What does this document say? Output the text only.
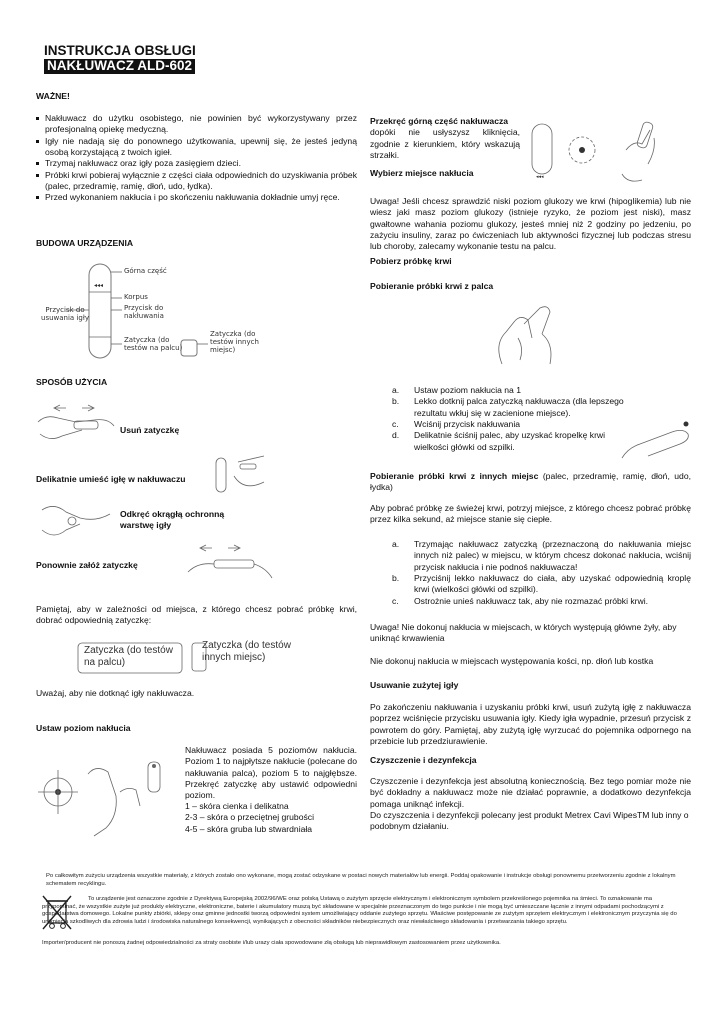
INSTRUKCJA OBSŁUGI
NAKŁUWACZ ALD-602
WAŻNE!
Nakłuwacz do użytku osobistego, nie powinien być wykorzystywany przez profesjonalną opiekę medyczną.
Igły nie nadają się do ponownego użytkowania, upewnij się, że jesteś jedyną osobą korzystającą z twoich igieł.
Trzymaj nakłuwacz oraz igły poza zasięgiem dzieci.
Próbki krwi pobieraj wyłącznie z części ciała odpowiednich do uzyskiwania próbek (palec, przedramię, ramię, dłoń, udo, łydka).
Przed wykonaniem nakłucia i po skończeniu nakłuwania dokładnie umyj ręce.
BUDOWA URZĄDZENIA
◂◂◂
Górna część
Korpus
Przycisk do nakłuwania
Przycisk do usuwania igły
Zatyczka (do testów na palcu)
Zatyczka (do testów innych miejsc)
SPOSÓB UŻYCIA
Usuń zatyczkę
Delikatnie umieść igłę w nakłuwaczu
Odkręć okrągłą ochronną warstwę igły
Ponownie załóż zatyczkę
Pamiętaj, aby w zależności od miejsca, z którego chcesz pobrać próbkę krwi, dobrać odpowiednią zatyczkę:
Zatyczka (do testów na palcu)
Zatyczka (do testów innych miejsc)
Uważaj, aby nie dotknąć igły nakłuwacza.
Ustaw poziom nakłucia
Nakłuwacz posiada 5 poziomów nakłucia. Poziom 1 to najpłytsze nakłucie (polecane do nakłuwania palca), poziom 5 to najgłębsze. Przekręć zatyczkę aby ustawić odpowiedni poziom.
1 – skóra cienka i delikatna
2-3 – skóra o przeciętnej grubości
4-5 – skóra gruba lub stwardniała
Przekręć górną część nakłuwacza
dopóki nie usłyszysz kliknięcia, zgodnie z kierunkiem, który wskazują strzałki.
◂◂◂
Wybierz miejsce nakłucia
Uwaga! Jeśli chcesz sprawdzić niski poziom glukozy we krwi (hipoglikemia) lub nie wiesz jaki masz poziom glukozy (istnieje ryzyko, że poziom jest niski), masz gwałtowne wahania poziomu glukozy, jesteś mniej niż 2 godziny po jedzeniu, po zażyciu insuliny, zaraz po ćwiczeniach lub aktywności fizycznej lub podczas stresu lub choroby, zalecamy wykonanie testu na palcu.
Pobierz próbkę krwi
Pobieranie próbki krwi z palca
a. Ustaw poziom nakłucia na 1
b. Lekko dotknij palca zatyczką nakłuwacza (dla lepszego rezultatu wkłuj się w zacienione miejsce).
c. Wciśnij przycisk nakłuwania
d. Delikatnie ściśnij palec, aby uzyskać kropelkę krwi wielkości główki od szpilki.
Pobieranie próbki krwi z innych miejsc (palec, przedramię, ramię, dłoń, udo, łydka)
Aby pobrać próbkę ze świeżej krwi, potrzyj miejsce, z którego chcesz pobrać próbkę przez kilka sekund, aż miejsce stanie się ciepłe.
a. Trzymając nakłuwacz zatyczką (przeznaczoną do nakłuwania miejsc innych niż palec) w miejscu, w którym chcesz dokonać nakłucia, wciśnij przycisk nakłucia i nie podnoś nakłuwacza!
b. Przyciśnij lekko nakłuwacz do ciała, aby uzyskać odpowiednią kroplę krwi (wielkości główki od szpilki).
c. Ostrożnie unieś nakłuwacz tak, aby nie rozmazać próbki krwi.
Uwaga! Nie dokonuj nakłucia w miejscach, w których występują główne żyły, aby uniknąć krwawienia
Nie dokonuj nakłucia w miejscach występowania kości, np. dłoń lub kostka
Usuwanie zużytej igły
Po zakończeniu nakłuwania i uzyskaniu próbki krwi, usuń zużytą igłę z nakłuwacza poprzez wciśnięcie przycisku usuwania igły. Kiedy igła wypadnie, przesuń przycisk z powrotem do góry. Pamiętaj, aby zużytą igłę wyrzucać do pojemnika odpornego na przebicie lub przedziurawienie.
Czyszczenie i dezynfekcja
Czyszczenie i dezynfekcja jest absolutną koniecznością. Bez tego pomiar może nie być dokładny a nakłuwacz może nie działać poprawnie, a dodatkowo dezynfekcja pomaga uniknąć infekcji.
Do czyszczenia i dezynfekcji polecany jest produkt Metrex Cavi WipesTM lub inny o podobnym działaniu.
Po całkowitym zużyciu urządzenia wszystkie materiały, z których zostało ono wykonane, mogą zostać odzyskane w postaci nowych materiałów lub energii. Poddaj opakowanie i instrukcje obsługi ponownemu przetworzeniu zgodnie z lokalnym schematem recyklingu.
To urządzenie jest oznaczone zgodnie z Dyrektywą Europejską 2002/96/WE oraz polską Ustawą o zużytym sprzęcie elektrycznym i elektronicznym symbolem przekreślonego pojemnika na śmieci. To oznakowanie ma przypominać, że wszystkie zużyte już produkty elektryczne, elektroniczne, baterie i akumulatory muszą być składowane w specjalnie przeznaczonym do tego punkcie i nie mogą być umieszczane łącznie z innymi odpadami pochodzącymi z gospodarstwa domowego. Lokalne punkty zbiórki, sklepy oraz gminne jednostki tworzą odpowiedni system umożliwiający oddanie zużytego sprzętu. Właściwe postępowanie ze zużytym sprzętem elektrycznym i elektronicznym przyczynia się do uniknięcia szkodliwych dla zdrowia ludzi i środowiska naturalnego konsekwencji, wynikających z obecności składników niebezpiecznych oraz niewłaściwego składowania i przetwarzania takiego sprzętu.
Importer/producent nie ponoszą żadnej odpowiedzialności za straty osobiste i/lub urazy ciała spowodowane złą obsługą lub nieprawidłowym zastosowaniem przez użytkownika.
